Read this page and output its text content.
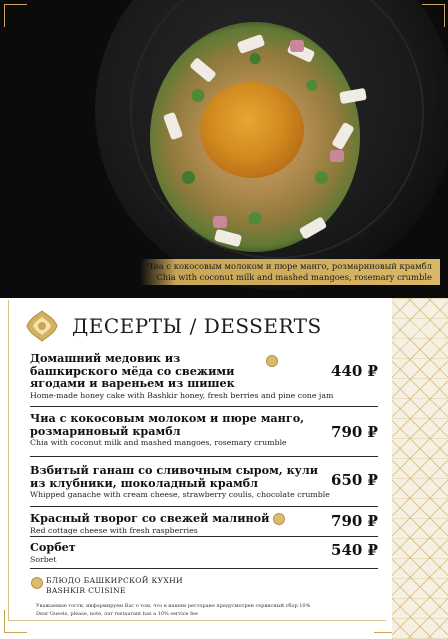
Чиа с кокосовым молоком и пюре манго, розмариновый крамбл
Chia with coconut milk and mashed mangoes, rosemary crumble
ДЕСЕРТЫ / DESSERTS
Домашний медовик из башкирского мёда со свежими ягодами и вареньем из шишек
Home-made honey cake with Bashkir honey, fresh berries and pine cone jam
440 ₽
Чиа с кокосовым молоком и пюре манго, розмариновый крамбл
Chia with coconut milk and mashed mangoes, rosemary crumble
790 ₽
Взбитый ганаш со сливочным сыром, кули из клубники, шоколадный крамбл
Whipped ganache with cream cheese, strawberry coulis, chocolate crumble
650 ₽
Красный творог со свежей малиной
Red cottage cheese with fresh raspberries
790 ₽
Сорбет
Sorbet	540 ₽
БЛЮДО БАШКИРСКОЙ КУХНИ
BASHKIR CUISINE
Уважаемые гости, информируем Вас о том, что в нашем ресторане предусмотрен сервисный сбор 10%
Dear Guests, please, note, our restaurant has a 10% service fee
